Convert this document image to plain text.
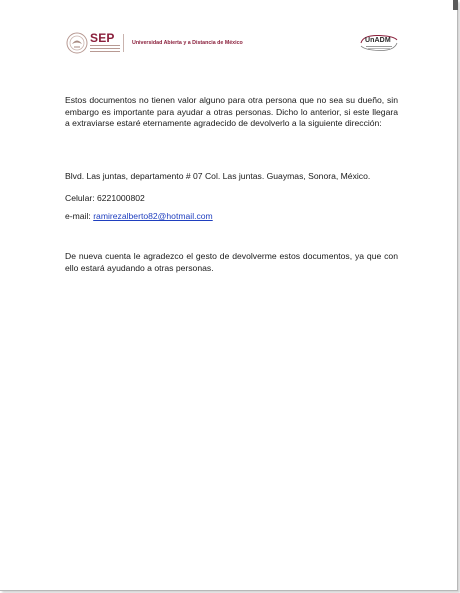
SEP	Universidad Abierta y a Distancia de México	UnADM

Estos documentos no tienen valor alguno para otra persona que no sea su dueño, sin embargo es importante para ayudar a otras personas. Dicho lo anterior, si este llegara a extraviarse estaré eternamente agradecido de devolverlo a la siguiente dirección:

Blvd. Las juntas, departamento # 07 Col. Las juntas. Guaymas, Sonora, México.
Celular: 6221000802
e-mail: ramirezalberto82@hotmail.com

De nueva cuenta le agradezco el gesto de devolverme estos documentos, ya que con ello estará ayudando a otras personas.
